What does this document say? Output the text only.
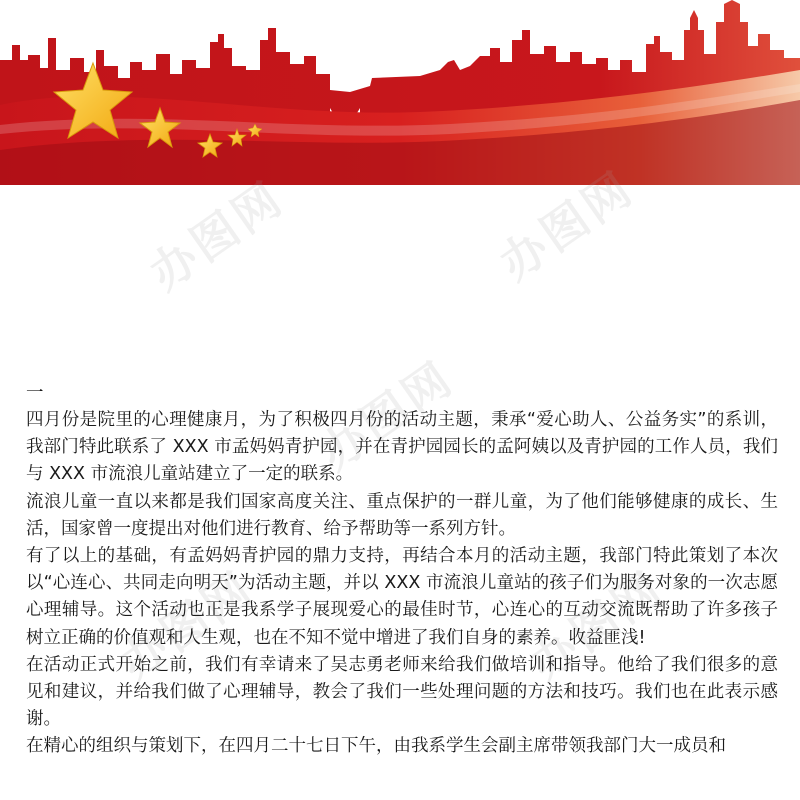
办图网	办图网
办图网
办图网	办图网
一

四月份是院里的心理健康月，为了积极四月份的活动主题，秉承“爱心助人、公益务实”的系训，我部门特此联系了 XXX 市孟妈妈青护园，并在青护园园长的孟阿姨以及青护园的工作人员，我们与 XXX 市流浪儿童站建立了一定的联系。

流浪儿童一直以来都是我们国家高度关注、重点保护的一群儿童，为了他们能够健康的成长、生活，国家曾一度提出对他们进行教育、给予帮助等一系列方针。

有了以上的基础，有孟妈妈青护园的鼎力支持，再结合本月的活动主题，我部门特此策划了本次以“心连心、共同走向明天”为活动主题，并以 XXX 市流浪儿童站的孩子们为服务对象的一次志愿心理辅导。这个活动也正是我系学子展现爱心的最佳时节，心连心的互动交流既帮助了许多孩子树立正确的价值观和人生观，也在不知不觉中增进了我们自身的素养。收益匪浅!

在活动正式开始之前，我们有幸请来了吴志勇老师来给我们做培训和指导。他给了我们很多的意见和建议，并给我们做了心理辅导，教会了我们一些处理问题的方法和技巧。我们也在此表示感谢。

在精心的组织与策划下，在四月二十七日下午，由我系学生会副主席带领我部门大一成员和
